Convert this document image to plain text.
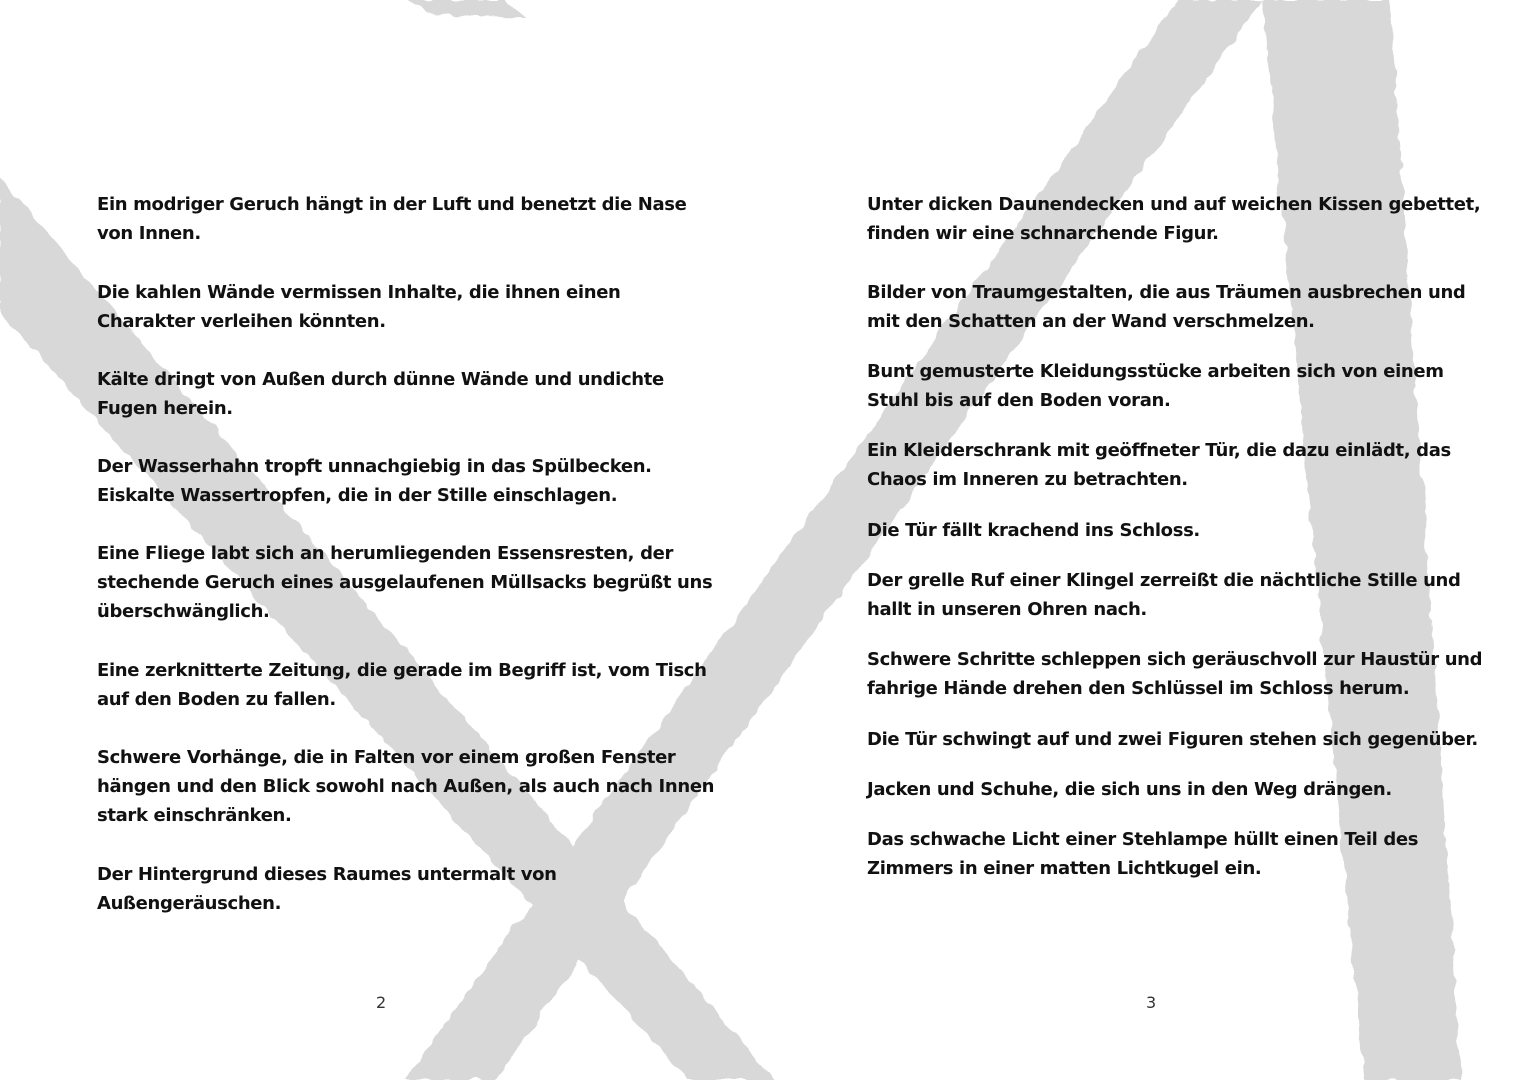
Ein modriger Geruch hängt in der Luft und benetzt die Nase
von Innen.

Die kahlen Wände vermissen Inhalte, die ihnen einen
Charakter verleihen könnten.

Kälte dringt von Außen durch dünne Wände und undichte
Fugen herein.

Der Wasserhahn tropft unnachgiebig in das Spülbecken.
Eiskalte Wassertropfen, die in der Stille einschlagen.

Eine Fliege labt sich an herumliegenden Essensresten, der
stechende Geruch eines ausgelaufenen Müllsacks begrüßt uns
überschwänglich.

Eine zerknitterte Zeitung, die gerade im Begriff ist, vom Tisch
auf den Boden zu fallen.

Schwere Vorhänge, die in Falten vor einem großen Fenster
hängen und den Blick sowohl nach Außen, als auch nach Innen
stark einschränken.

Der Hintergrund dieses Raumes untermalt von
Außengeräuschen.

2

Unter dicken Daunendecken und auf weichen Kissen gebettet,
finden wir eine schnarchende Figur.

Bilder von Traumgestalten, die aus Träumen ausbrechen und
mit den Schatten an der Wand verschmelzen.

Bunt gemusterte Kleidungsstücke arbeiten sich von einem
Stuhl bis auf den Boden voran.

Ein Kleiderschrank mit geöffneter Tür, die dazu einlädt, das
Chaos im Inneren zu betrachten.

Die Tür fällt krachend ins Schloss.

Der grelle Ruf einer Klingel zerreißt die nächtliche Stille und
hallt in unseren Ohren nach.

Schwere Schritte schleppen sich geräuschvoll zur Haustür und
fahrige Hände drehen den Schlüssel im Schloss herum.

Die Tür schwingt auf und zwei Figuren stehen sich gegenüber.

Jacken und Schuhe, die sich uns in den Weg drängen.

Das schwache Licht einer Stehlampe hüllt einen Teil des
Zimmers in einer matten Lichtkugel ein.

3
